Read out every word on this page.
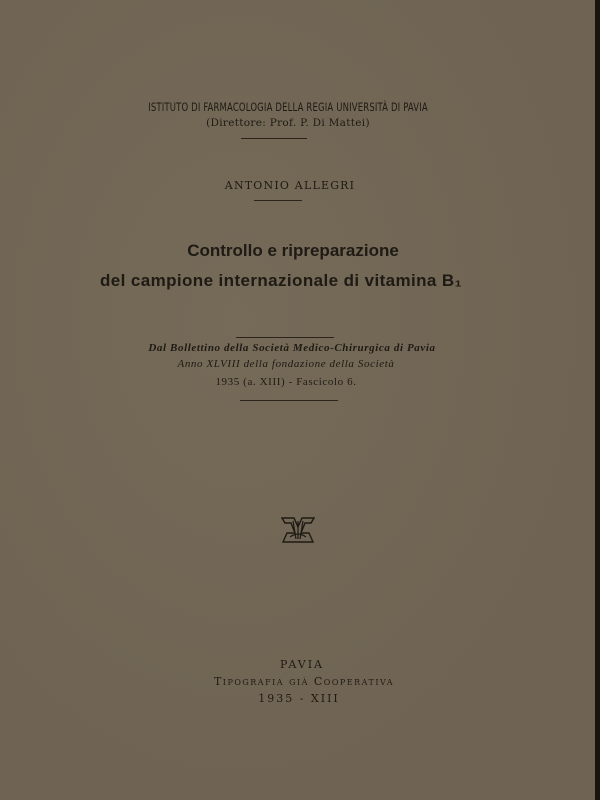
ISTITUTO DI FARMACOLOGIA DELLA REGIA UNIVERSITÀ DI PAVIA
(Direttore: Prof. P. Di Mattei)
ANTONIO ALLEGRI
Controllo e ripreparazione
del campione internazionale di vitamina B₁
Dal Bollettino della Società Medico-Chirurgica di Pavia
Anno XLVIII della fondazione della Società
1935 (a. XIII) - Fascicolo 6.
PAVIA
Tipografia già Cooperativa
1935 - XIII
